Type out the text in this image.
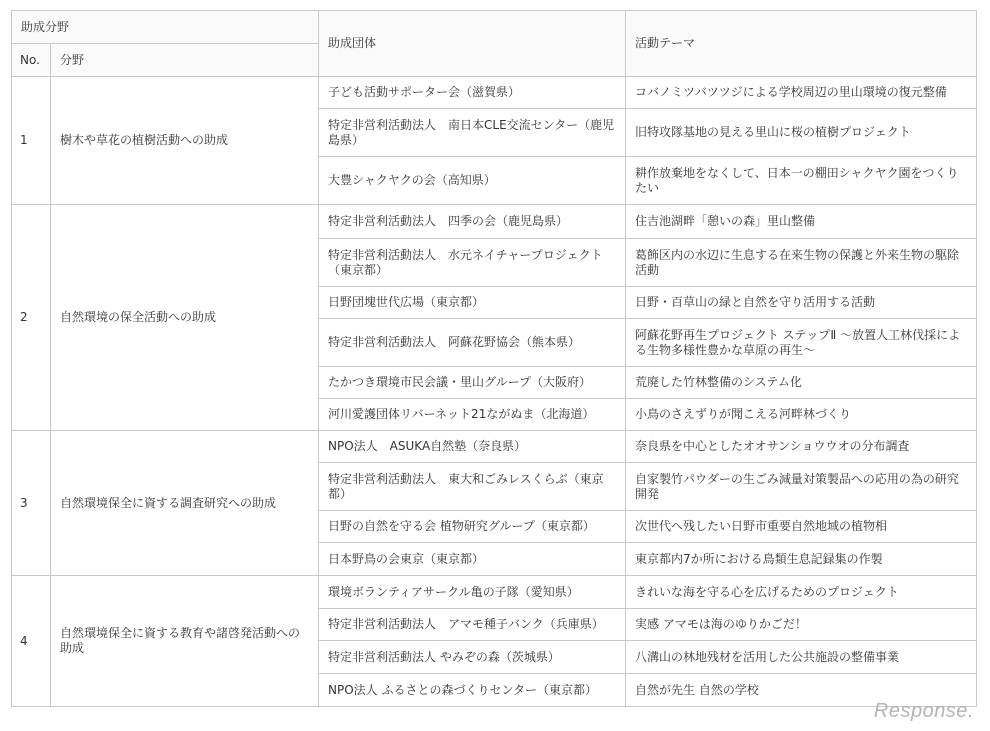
助成分野		助成団体	活動テーマ
No.	分野		
1	樹木や草花の植樹活動への助成	子ども活動サポーター会（滋賀県）	コバノミツバツツジによる学校周辺の里山環境の復元整備
		特定非営利活動法人　南日本CLE交流センター（鹿児島県）	旧特攻隊基地の見える里山に桜の植樹プロジェクト
		大豊シャクヤクの会（高知県）	耕作放棄地をなくして、日本一の棚田シャクヤク園をつくりたい
2	自然環境の保全活動への助成	特定非営利活動法人　四季の会（鹿児島県）	住吉池湖畔「憩いの森」里山整備
		特定非営利活動法人　水元ネイチャープロジェクト（東京都）	葛飾区内の水辺に生息する在来生物の保護と外来生物の駆除活動
		日野団塊世代広場（東京都）	日野・百草山の緑と自然を守り活用する活動
		特定非営利活動法人　阿蘇花野協会（熊本県）	阿蘇花野再生プロジェクト ステップⅡ ～放置人工林伐採による生物多様性豊かな草原の再生～
		たかつき環境市民会議・里山グループ（大阪府）	荒廃した竹林整備のシステム化
		河川愛護団体リバーネット21ながぬま（北海道）	小鳥のさえずりが聞こえる河畔林づくり
3	自然環境保全に資する調査研究への助成	NPO法人　ASUKA自然塾（奈良県）	奈良県を中心としたオオサンショウウオの分布調査
		特定非営利活動法人　東大和ごみレスくらぶ（東京都）	自家製竹パウダーの生ごみ減量対策製品への応用の為の研究開発
		日野の自然を守る会 植物研究グループ（東京都）	次世代へ残したい日野市重要自然地域の植物相
		日本野鳥の会東京（東京都）	東京都内7か所における鳥類生息記録集の作製
4	自然環境保全に資する教育や諸啓発活動への助成	環境ボランティアサークル亀の子隊（愛知県）	きれいな海を守る心を広げるためのプロジェクト
		特定非営利活動法人　アマモ種子バンク（兵庫県）	実感 アマモは海のゆりかごだ！
		特定非営利活動法人 やみぞの森（茨城県）	八溝山の林地残材を活用した公共施設の整備事業
		NPO法人 ふるさとの森づくりセンター（東京都）	自然が先生 自然の学校
Response.
